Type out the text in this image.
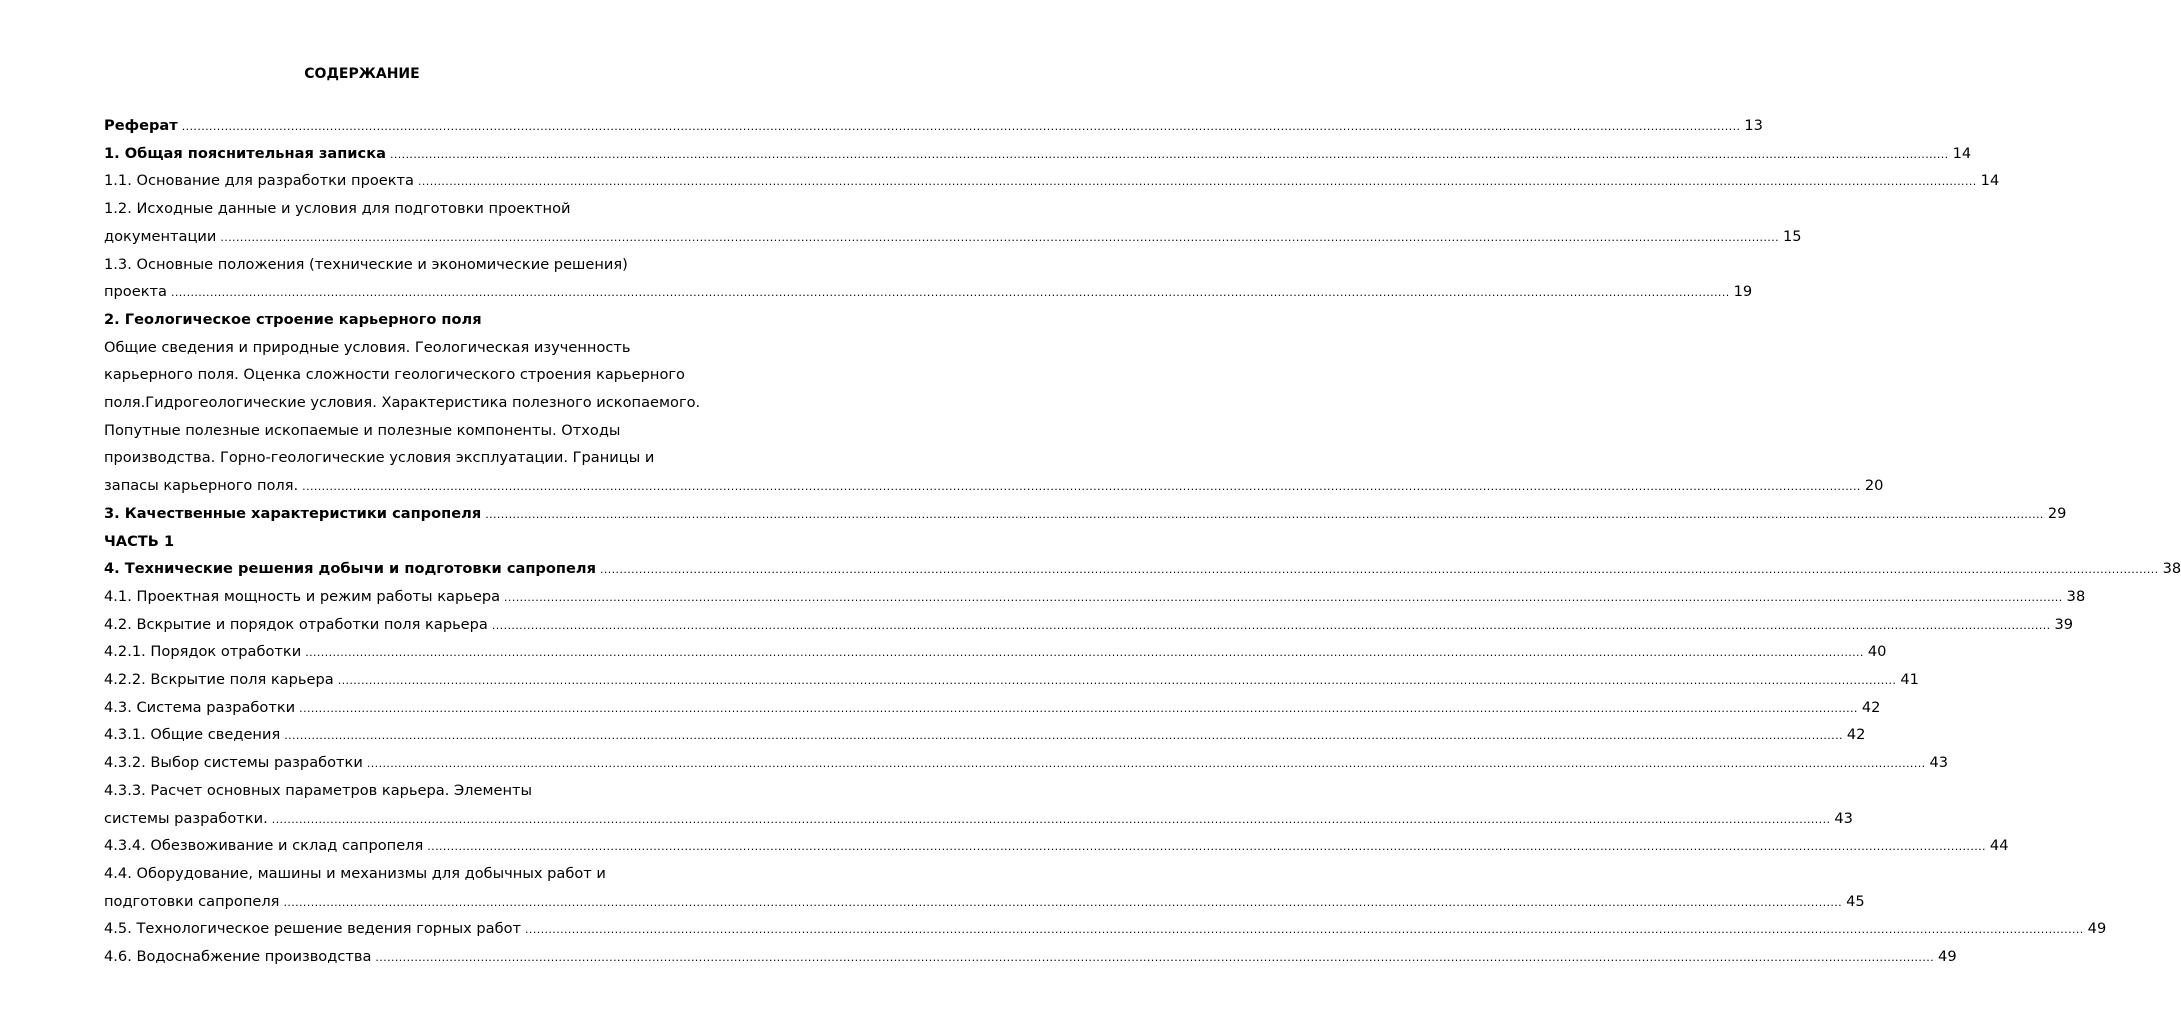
СОДЕРЖАНИЕ
Реферат ................................................................................................................................................................................................................................................................................................................................................................................................................ 13
1. Общая пояснительная записка ................................................................................................................................................................................................................................................................................................................................................................................................................ 14
1.1. Основание для разработки проекта ................................................................................................................................................................................................................................................................................................................................................................................................................ 14
1.2. Исходные данные и условия для подготовки проектной
документации ................................................................................................................................................................................................................................................................................................................................................................................................................ 15
1.3. Основные положения (технические и экономические решения)
проекта ................................................................................................................................................................................................................................................................................................................................................................................................................ 19
2. Геологическое строение карьерного поля
Общие сведения и природные условия. Геологическая изученность
карьерного поля. Оценка сложности геологического строения карьерного
поля.Гидрогеологические условия. Характеристика полезного ископаемого.
Попутные полезные ископаемые и полезные компоненты. Отходы
производства. Горно-геологические условия эксплуатации. Границы и
запасы карьерного поля. ................................................................................................................................................................................................................................................................................................................................................................................................................ 20
3. Качественные характеристики сапропеля ................................................................................................................................................................................................................................................................................................................................................................................................................ 29
ЧАСТЬ 1
4. Технические решения добычи и подготовки сапропеля ................................................................................................................................................................................................................................................................................................................................................................................................................ 38
4.1. Проектная мощность и режим работы карьера ................................................................................................................................................................................................................................................................................................................................................................................................................ 38
4.2. Вскрытие и порядок отработки поля карьера ................................................................................................................................................................................................................................................................................................................................................................................................................ 39
4.2.1. Порядок отработки ................................................................................................................................................................................................................................................................................................................................................................................................................ 40
4.2.2. Вскрытие поля карьера ................................................................................................................................................................................................................................................................................................................................................................................................................ 41
4.3. Система разработки ................................................................................................................................................................................................................................................................................................................................................................................................................ 42
4.3.1. Общие сведения ................................................................................................................................................................................................................................................................................................................................................................................................................ 42
4.3.2. Выбор системы разработки ................................................................................................................................................................................................................................................................................................................................................................................................................ 43
4.3.3. Расчет основных параметров карьера. Элементы
системы разработки. ................................................................................................................................................................................................................................................................................................................................................................................................................ 43
4.3.4. Обезвоживание и склад сапропеля ................................................................................................................................................................................................................................................................................................................................................................................................................ 44
4.4. Оборудование, машины и механизмы для добычных работ и
подготовки сапропеля ................................................................................................................................................................................................................................................................................................................................................................................................................ 45
4.5. Технологическое решение ведения горных работ ................................................................................................................................................................................................................................................................................................................................................................................................................ 49
4.6. Водоснабжение производства ................................................................................................................................................................................................................................................................................................................................................................................................................ 49
